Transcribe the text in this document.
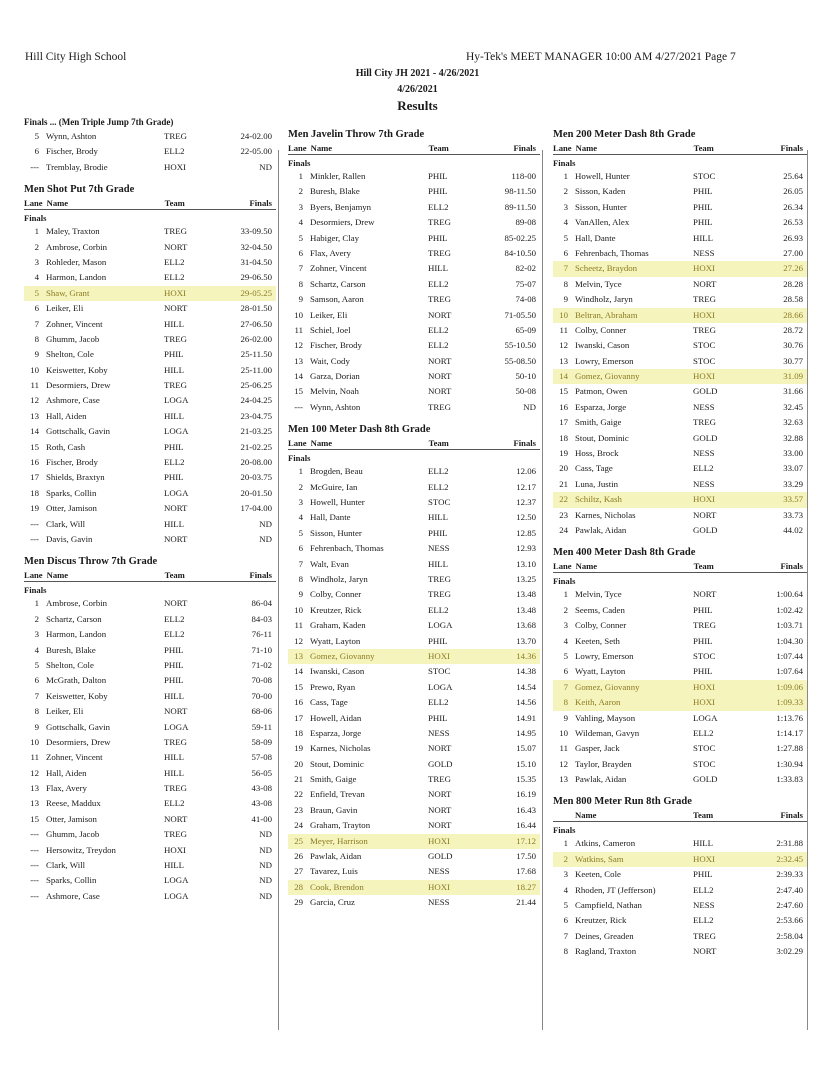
Hill City High School	Hy-Tek's MEET MANAGER 10:00 AM 4/27/2021 Page 7
Hill City JH 2021 - 4/26/2021
4/26/2021
Results
Finals ... (Men Triple Jump 7th Grade)
5 Wynn, Ashton	TREG	24-02.00
6 Fischer, Brody	ELL2	22-05.00
--- Tremblay, Brodie	HOXI	ND
Men Shot Put 7th Grade
Lane Name	Team	Finals
Finals
1 Maley, Traxton	TREG	33-09.50
2 Ambrose, Corbin	NORT	32-04.50
3 Rohleder, Mason	ELL2	31-04.50
4 Harmon, Landon	ELL2	29-06.50
5 Shaw, Grant	HOXI	29-05.25
6 Leiker, Eli	NORT	28-01.50
7 Zohner, Vincent	HILL	27-06.50
8 Ghumm, Jacob	TREG	26-02.00
9 Shelton, Cole	PHIL	25-11.50
10 Keiswetter, Koby	HILL	25-11.00
11 Desormiers, Drew	TREG	25-06.25
12 Ashmore, Case	LOGA	24-04.25
13 Hall, Aiden	HILL	23-04.75
14 Gottschalk, Gavin	LOGA	21-03.25
15 Roth, Cash	PHIL	21-02.25
16 Fischer, Brody	ELL2	20-08.00
17 Shields, Braxtyn	PHIL	20-03.75
18 Sparks, Collin	LOGA	20-01.50
19 Otter, Jamison	NORT	17-04.00
--- Clark, Will	HILL	ND
--- Davis, Gavin	NORT	ND
Men Discus Throw 7th Grade
Lane Name	Team	Finals
Finals
1 Ambrose, Corbin	NORT	86-04
2 Schartz, Carson	ELL2	84-03
3 Harmon, Landon	ELL2	76-11
4 Buresh, Blake	PHIL	71-10
5 Shelton, Cole	PHIL	71-02
6 McGrath, Dalton	PHIL	70-08
7 Keiswetter, Koby	HILL	70-00
8 Leiker, Eli	NORT	68-06
9 Gottschalk, Gavin	LOGA	59-11
10 Desormiers, Drew	TREG	58-09
11 Zohner, Vincent	HILL	57-08
12 Hall, Aiden	HILL	56-05
13 Flax, Avery	TREG	43-08
13 Reese, Maddux	ELL2	43-08
15 Otter, Jamison	NORT	41-00
--- Ghumm, Jacob	TREG	ND
--- Hersowitz, Treydon	HOXI	ND
--- Clark, Will	HILL	ND
--- Sparks, Collin	LOGA	ND
--- Ashmore, Case	LOGA	ND
Men Javelin Throw 7th Grade
Lane Name	Team	Finals
Finals
1 Minkler, Rallen	PHIL	118-00
2 Buresh, Blake	PHIL	98-11.50
3 Byers, Benjamyn	ELL2	89-11.50
4 Desormiers, Drew	TREG	89-08
5 Habiger, Clay	PHIL	85-02.25
6 Flax, Avery	TREG	84-10.50
7 Zohner, Vincent	HILL	82-02
8 Schartz, Carson	ELL2	75-07
9 Samson, Aaron	TREG	74-08
10 Leiker, Eli	NORT	71-05.50
11 Schiel, Joel	ELL2	65-09
12 Fischer, Brody	ELL2	55-10.50
13 Wait, Cody	NORT	55-08.50
14 Garza, Dorian	NORT	50-10
15 Melvin, Noah	NORT	50-08
--- Wynn, Ashton	TREG	ND
Men 100 Meter Dash 8th Grade
Lane Name	Team	Finals
Finals
1 Brogden, Beau	ELL2	12.06
2 McGuire, Ian	ELL2	12.17
3 Howell, Hunter	STOC	12.37
4 Hall, Dante	HILL	12.50
5 Sisson, Hunter	PHIL	12.85
6 Fehrenbach, Thomas	NESS	12.93
7 Walt, Evan	HILL	13.10
8 Windholz, Jaryn	TREG	13.25
9 Colby, Conner	TREG	13.48
10 Kreutzer, Rick	ELL2	13.48
11 Graham, Kaden	LOGA	13.68
12 Wyatt, Layton	PHIL	13.70
13 Gomez, Giovanny	HOXI	14.36
14 Iwanski, Cason	STOC	14.38
15 Prewo, Ryan	LOGA	14.54
16 Cass, Tage	ELL2	14.56
17 Howell, Aidan	PHIL	14.91
18 Esparza, Jorge	NESS	14.95
19 Karnes, Nicholas	NORT	15.07
20 Stout, Dominic	GOLD	15.10
21 Smith, Gaige	TREG	15.35
22 Enfield, Trevan	NORT	16.19
23 Braun, Gavin	NORT	16.43
24 Graham, Trayton	NORT	16.44
25 Meyer, Harrison	HOXI	17.12
26 Pawlak, Aidan	GOLD	17.50
27 Tavarez, Luis	NESS	17.68
28 Cook, Brendon	HOXI	18.27
29 Garcia, Cruz	NESS	21.44
Men 200 Meter Dash 8th Grade
Lane Name	Team	Finals
Finals
1 Howell, Hunter	STOC	25.64
2 Sisson, Kaden	PHIL	26.05
3 Sisson, Hunter	PHIL	26.34
4 VanAllen, Alex	PHIL	26.53
5 Hall, Dante	HILL	26.93
6 Fehrenbach, Thomas	NESS	27.00
7 Scheetz, Braydon	HOXI	27.26
8 Melvin, Tyce	NORT	28.28
9 Windholz, Jaryn	TREG	28.58
10 Beltran, Abraham	HOXI	28.66
11 Colby, Conner	TREG	28.72
12 Iwanski, Cason	STOC	30.76
13 Lowry, Emerson	STOC	30.77
14 Gomez, Giovanny	HOXI	31.09
15 Patmon, Owen	GOLD	31.66
16 Esparza, Jorge	NESS	32.45
17 Smith, Gaige	TREG	32.63
18 Stout, Dominic	GOLD	32.88
19 Hoss, Brock	NESS	33.00
20 Cass, Tage	ELL2	33.07
21 Luna, Justin	NESS	33.29
22 Schiltz, Kash	HOXI	33.57
23 Karnes, Nicholas	NORT	33.73
24 Pawlak, Aidan	GOLD	44.02
Men 400 Meter Dash 8th Grade
Lane Name	Team	Finals
Finals
1 Melvin, Tyce	NORT	1:00.64
2 Seems, Caden	PHIL	1:02.42
3 Colby, Conner	TREG	1:03.71
4 Keeten, Seth	PHIL	1:04.30
5 Lowry, Emerson	STOC	1:07.44
6 Wyatt, Layton	PHIL	1:07.64
7 Gomez, Giovanny	HOXI	1:09.06
8 Keith, Aaron	HOXI	1:09.33
9 Vahling, Mayson	LOGA	1:13.76
10 Wildeman, Gavyn	ELL2	1:14.17
11 Gasper, Jack	STOC	1:27.88
12 Taylor, Brayden	STOC	1:30.94
13 Pawlak, Aidan	GOLD	1:33.83
Men 800 Meter Run 8th Grade
Name	Team	Finals
Finals
1 Atkins, Cameron	HILL	2:31.88
2 Watkins, Sam	HOXI	2:32.45
3 Keeten, Cole	PHIL	2:39.33
4 Rhoden, JT (Jefferson)	ELL2	2:47.40
5 Campfield, Nathan	NESS	2:47.60
6 Kreutzer, Rick	ELL2	2:53.66
7 Deines, Greaden	TREG	2:58.04
8 Ragland, Traxton	NORT	3:02.29
